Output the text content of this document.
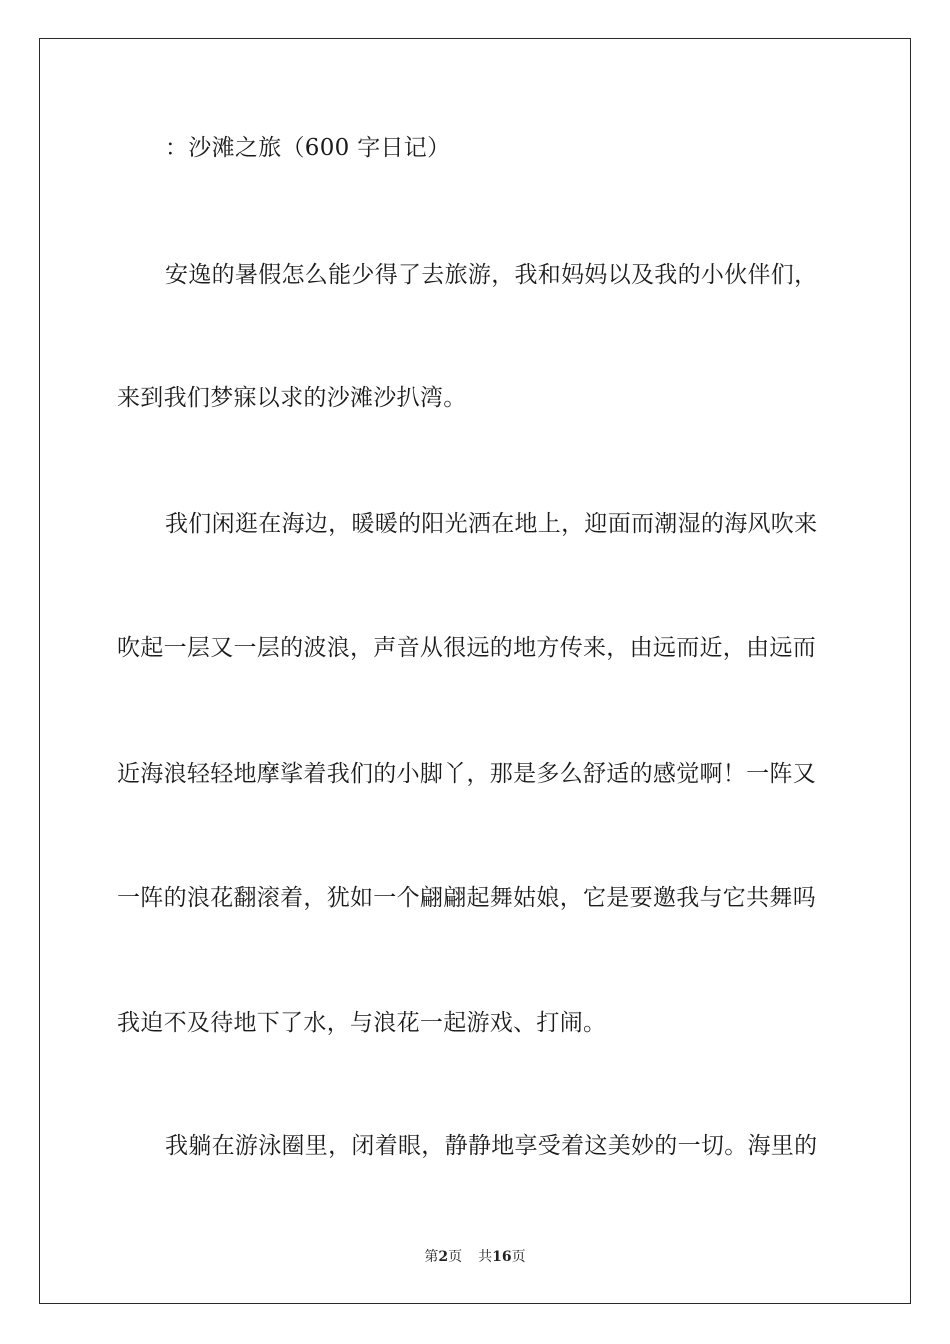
：沙滩之旅（600 字日记）
安逸的暑假怎么能少得了去旅游，我和妈妈以及我的小伙伴们，
来到我们梦寐以求的沙滩沙扒湾。
我们闲逛在海边，暖暖的阳光洒在地上，迎面而潮湿的海风吹来
吹起一层又一层的波浪，声音从很远的地方传来，由远而近，由远而
近海浪轻轻地摩挲着我们的小脚丫，那是多么舒适的感觉啊！一阵又
一阵的浪花翻滚着，犹如一个翩翩起舞姑娘，它是要邀我与它共舞吗
我迫不及待地下了水，与浪花一起游戏、打闹。
我躺在游泳圈里，闭着眼，静静地享受着这美妙的一切。海里的
第2页 共16页
